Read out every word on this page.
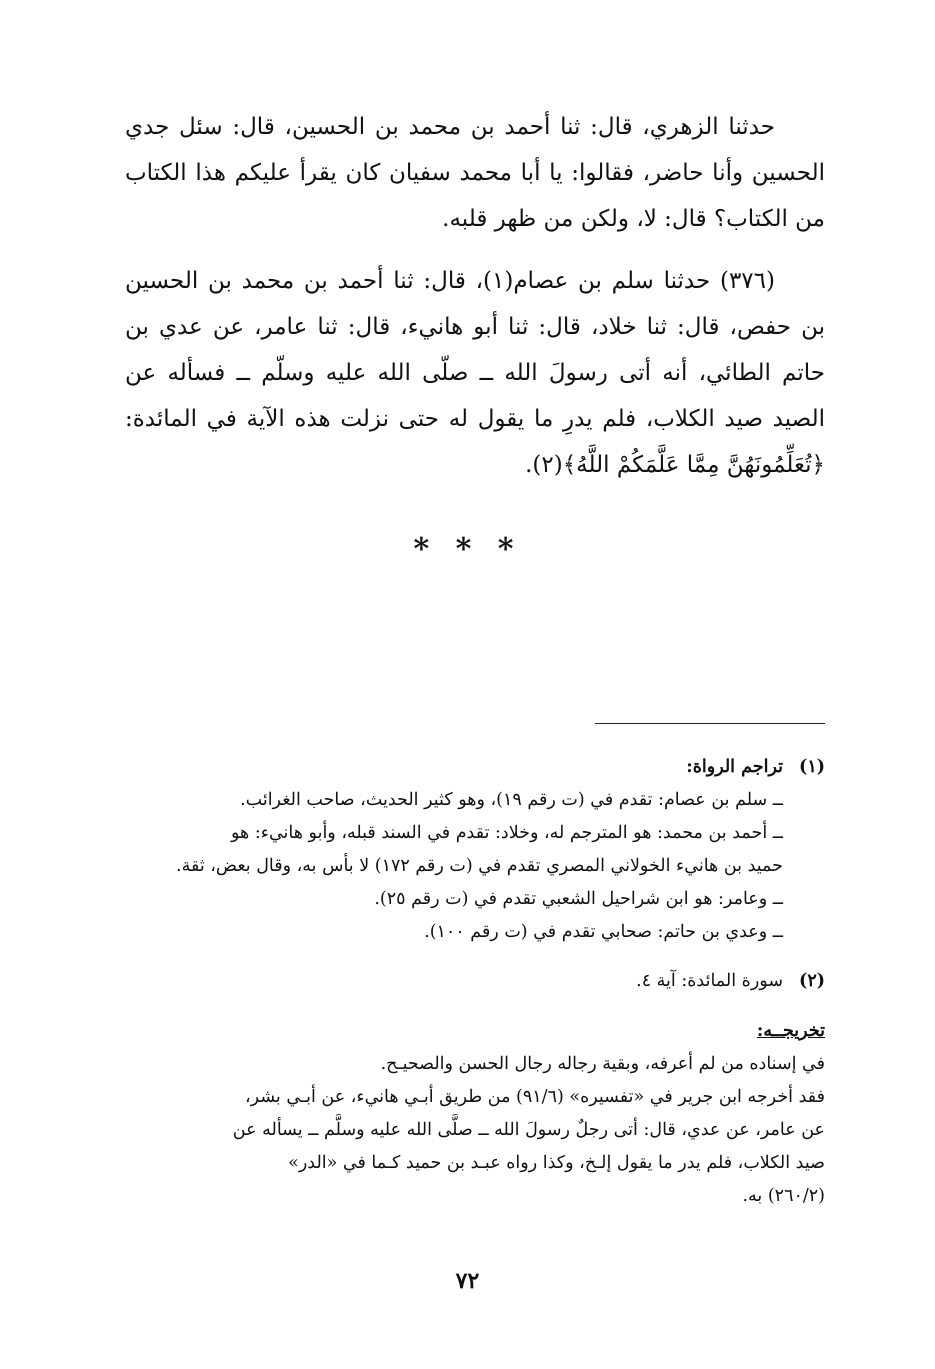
حدثنا الزهري، قال: ثنا أحمد بن محمد بن الحسين، قال: سئل جدي الحسين وأنا حاضر، فقالوا: يا أبا محمد سفيان كان يقرأ عليكم هذا الكتاب من الكتاب؟ قال: لا، ولكن من ظهر قلبه.

(٣٧٦) حدثنا سلم بن عصام(١)، قال: ثنا أحمد بن محمد بن الحسين بن حفص، قال: ثنا خلاد، قال: ثنا أبو هانيء، قال: ثنا عامر، عن عدي بن حاتم الطائي، أنه أتى رسولَ الله ــ صلّى الله عليه وسلّم ــ فسأله عن الصيد صيد الكلاب، فلم يدرِ ما يقول له حتى نزلت هذه الآية في المائدة: ﴿تُعَلِّمُونَهُنَّ مِمَّا عَلَّمَكُمْ اللَّهُ﴾(٢).

* * *
(١)تراجم الرواة:
ــ سلم بن عصام: تقدم في (ت رقم ١٩)، وهو كثير الحديث، صاحب الغرائب.
ــ أحمد بن محمد: هو المترجم له، وخلاد: تقدم في السند قبله، وأبو هانيء: هو
حميد بن هانيء الخولاني المصري تقدم في (ت رقم ١٧٢) لا بأس به، وقال بعض، ثقة.
ــ وعامر: هو ابن شراحيل الشعبي تقدم في (ت رقم ٢٥).
ــ وعدي بن حاتم: صحابي تقدم في (ت رقم ١٠٠).
(٢)سورة المائدة: آية ٤.
تخريجــه:
في إسناده من لم أعرفه، وبقية رجاله رجال الحسن والصحيـح.
فقد أخرجه ابن جرير في «تفسيره» (٩١/٦) من طريق أبـي هانيء، عن أبـي بشر،
عن عامر، عن عدي، قال: أتى رجلٌ رسولَ الله ــ صلَّى الله عليه وسلَّم ــ يسأله عن
صيد الكلاب، فلم يدر ما يقول إلـخ، وكذا رواه عبـد بن حميد كـما في «الدر»
(٢٦٠/٢) به.
٧٢
